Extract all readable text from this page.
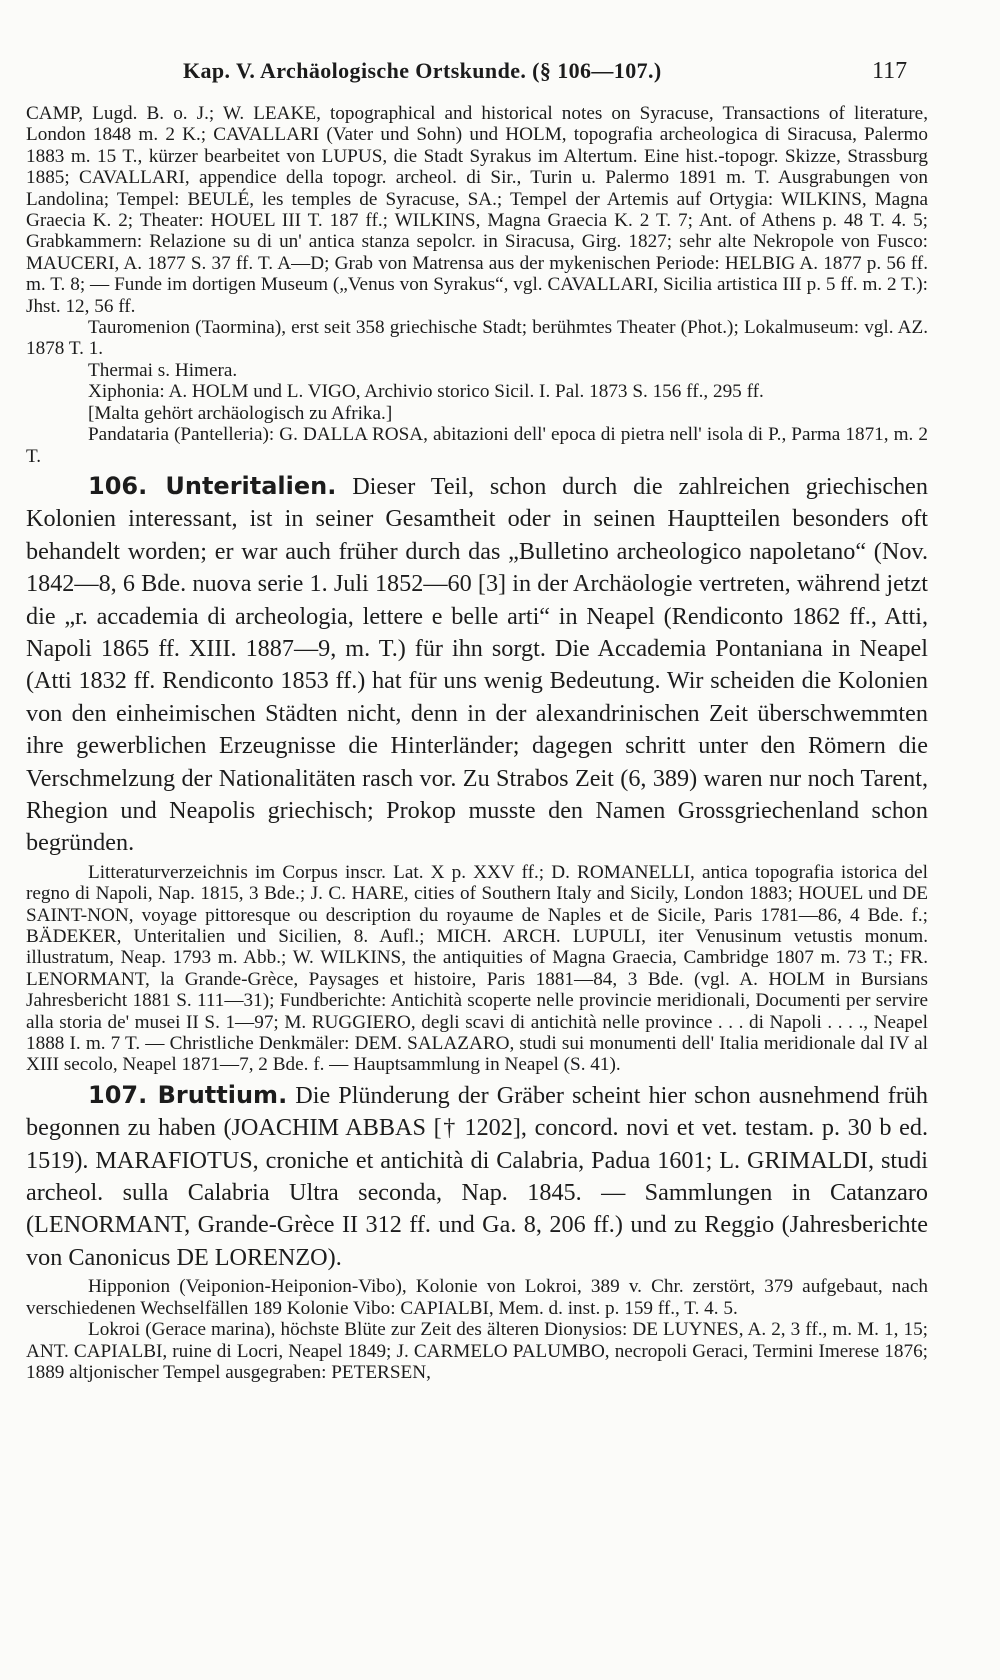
Kap. V. Archäologische Ortskunde. (§ 106—107.)	117

CAMP, Lugd. B. o. J.; W. LEAKE, topographical and historical notes on Syracuse, Transactions of literature, London 1848 m. 2 K.; CAVALLARI (Vater und Sohn) und HOLM, topografia archeologica di Siracusa, Palermo 1883 m. 15 T., kürzer bearbeitet von LUPUS, die Stadt Syrakus im Altertum. Eine hist.-topogr. Skizze, Strassburg 1885; CAVALLARI, appendice della topogr. archeol. di Sir., Turin u. Palermo 1891 m. T. Ausgrabungen von Landolina; Tempel: BEULÉ, les temples de Syracuse, SA.; Tempel der Artemis auf Ortygia: WILKINS, Magna Graecia K. 2; Theater: HOUEL III T. 187 ff.; WILKINS, Magna Graecia K. 2 T. 7; Ant. of Athens p. 48 T. 4. 5; Grabkammern: Relazione su di un' antica stanza sepolcr. in Siracusa, Girg. 1827; sehr alte Nekropole von Fusco: MAUCERI, A. 1877 S. 37 ff. T. A—D; Grab von Matrensa aus der mykenischen Periode: HELBIG A. 1877 p. 56 ff. m. T. 8; — Funde im dortigen Museum („Venus von Syrakus“, vgl. CAVALLARI, Sicilia artistica III p. 5 ff. m. 2 T.): Jhst. 12, 56 ff.

Tauromenion (Taormina), erst seit 358 griechische Stadt; berühmtes Theater (Phot.); Lokalmuseum: vgl. AZ. 1878 T. 1.

Thermai s. Himera.

Xiphonia: A. HOLM und L. VIGO, Archivio storico Sicil. I. Pal. 1873 S. 156 ff., 295 ff.

[Malta gehört archäologisch zu Afrika.]

Pandataria (Pantelleria): G. DALLA ROSA, abitazioni dell' epoca di pietra nell' isola di P., Parma 1871, m. 2 T.

106. Unteritalien. Dieser Teil, schon durch die zahlreichen griechischen Kolonien interessant, ist in seiner Gesamtheit oder in seinen Hauptteilen besonders oft behandelt worden; er war auch früher durch das „Bulletino archeologico napoletano“ (Nov. 1842—8, 6 Bde. nuova serie 1. Juli 1852—60 [3] in der Archäologie vertreten, während jetzt die „r. accademia di archeologia, lettere e belle arti“ in Neapel (Rendiconto 1862 ff., Atti, Napoli 1865 ff. XIII. 1887—9, m. T.) für ihn sorgt. Die Accademia Pontaniana in Neapel (Atti 1832 ff. Rendiconto 1853 ff.) hat für uns wenig Bedeutung. Wir scheiden die Kolonien von den einheimischen Städten nicht, denn in der alexandrinischen Zeit überschwemmten ihre gewerblichen Erzeugnisse die Hinterländer; dagegen schritt unter den Römern die Verschmelzung der Nationalitäten rasch vor. Zu Strabos Zeit (6, 389) waren nur noch Tarent, Rhegion und Neapolis griechisch; Prokop musste den Namen Grossgriechenland schon begründen.

Litteraturverzeichnis im Corpus inscr. Lat. X p. XXV ff.; D. ROMANELLI, antica topografia istorica del regno di Napoli, Nap. 1815, 3 Bde.; J. C. HARE, cities of Southern Italy and Sicily, London 1883; HOUEL und DE SAINT-NON, voyage pittoresque ou description du royaume de Naples et de Sicile, Paris 1781—86, 4 Bde. f.; BÄDEKER, Unteritalien und Sicilien, 8. Aufl.; MICH. ARCH. LUPULI, iter Venusinum vetustis monum. illustratum, Neap. 1793 m. Abb.; W. WILKINS, the antiquities of Magna Graecia, Cambridge 1807 m. 73 T.; FR. LENORMANT, la Grande-Grèce, Paysages et histoire, Paris 1881—84, 3 Bde. (vgl. A. HOLM in Bursians Jahresbericht 1881 S. 111—31); Fundberichte: Antichità scoperte nelle provincie meridionali, Documenti per servire alla storia de' musei II S. 1—97; M. RUGGIERO, degli scavi di antichità nelle province . . . di Napoli . . . ., Neapel 1888 I. m. 7 T. — Christliche Denkmäler: DEM. SALAZARO, studi sui monumenti dell' Italia meridionale dal IV al XIII secolo, Neapel 1871—7, 2 Bde. f. — Hauptsammlung in Neapel (S. 41).

107. Bruttium. Die Plünderung der Gräber scheint hier schon ausnehmend früh begonnen zu haben (JOACHIM ABBAS [† 1202], concord. novi et vet. testam. p. 30 b ed. 1519). MARAFIOTUS, croniche et antichità di Calabria, Padua 1601; L. GRIMALDI, studi archeol. sulla Calabria Ultra seconda, Nap. 1845. — Sammlungen in Catanzaro (LENORMANT, Grande-Grèce II 312 ff. und Ga. 8, 206 ff.) und zu Reggio (Jahresberichte von Canonicus DE LORENZO).

Hipponion (Veiponion-Heiponion-Vibo), Kolonie von Lokroi, 389 v. Chr. zerstört, 379 aufgebaut, nach verschiedenen Wechselfällen 189 Kolonie Vibo: CAPIALBI, Mem. d. inst. p. 159 ff., T. 4. 5.

Lokroi (Gerace marina), höchste Blüte zur Zeit des älteren Dionysios: DE LUYNES, A. 2, 3 ff., m. M. 1, 15; ANT. CAPIALBI, ruine di Locri, Neapel 1849; J. CARMELO PALUMBO, necropoli Geraci, Termini Imerese 1876; 1889 altjonischer Tempel ausgegraben: PETERSEN,
